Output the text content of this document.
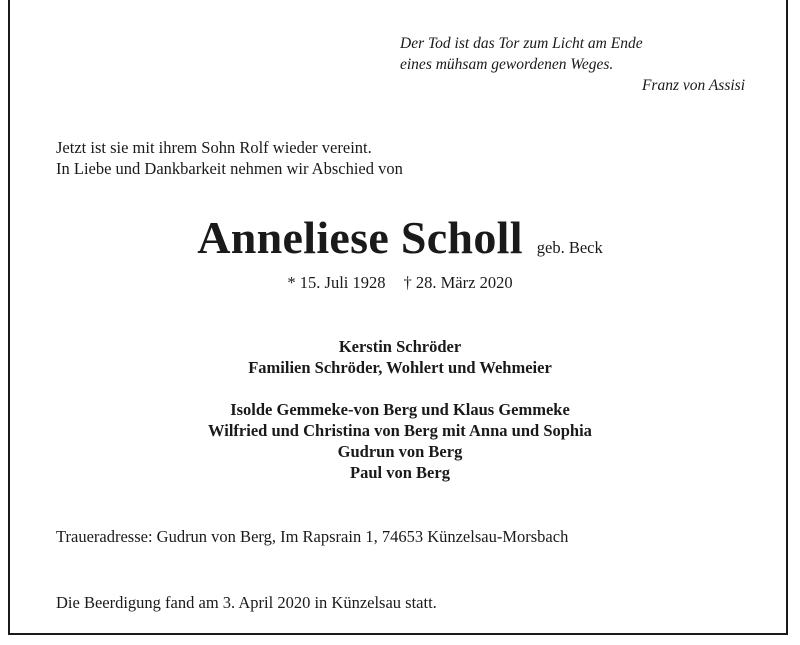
Der Tod ist das Tor zum Licht am Ende
eines mühsam gewordenen Weges.
Franz von Assisi
Jetzt ist sie mit ihrem Sohn Rolf wieder vereint.
In Liebe und Dankbarkeit nehmen wir Abschied von
Anneliese Scholl geb. Beck
* 15. Juli 1928 † 28. März 2020
Kerstin Schröder
Familien Schröder, Wohlert und Wehmeier
Isolde Gemmeke-von Berg und Klaus Gemmeke
Wilfried und Christina von Berg mit Anna und Sophia
Gudrun von Berg
Paul von Berg
Traueradresse: Gudrun von Berg, Im Rapsrain 1, 74653 Künzelsau-Morsbach
Die Beerdigung fand am 3. April 2020 in Künzelsau statt.
